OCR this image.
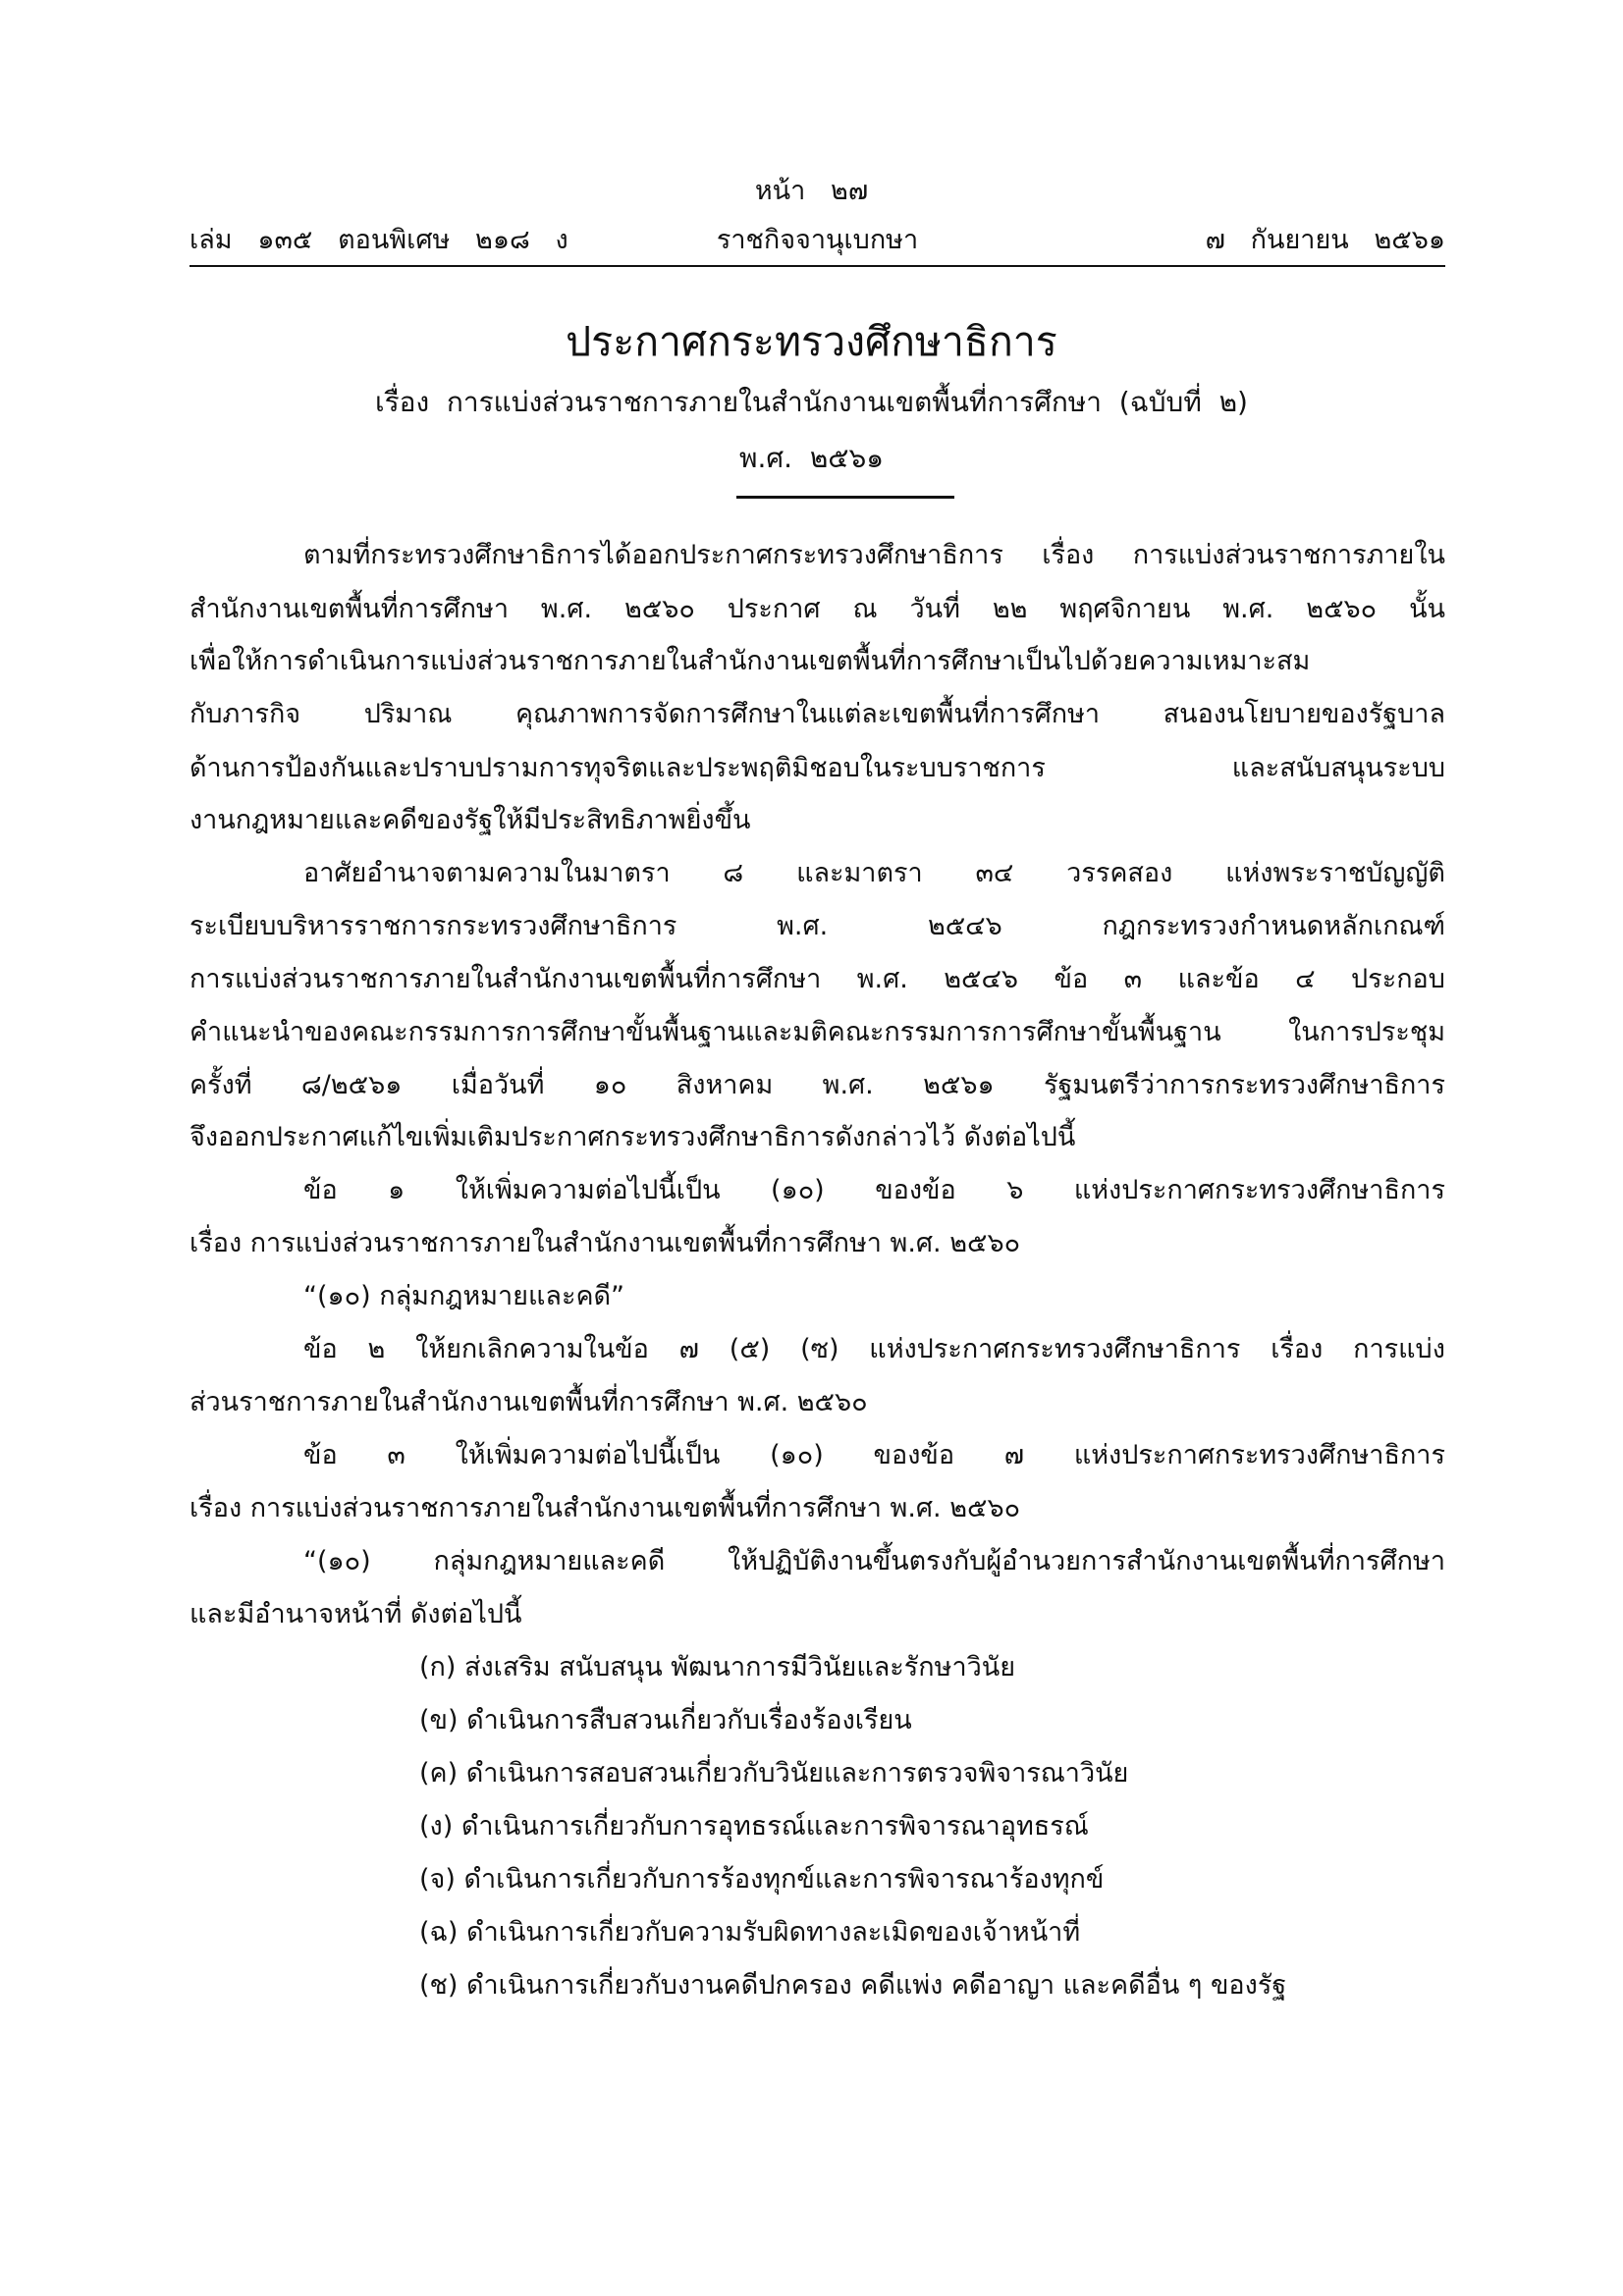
หน้า   ๒๗

เล่ม   ๑๓๕   ตอนพิเศษ   ๒๑๘   ง

	ราชกิจจานุเบกษา

	๗   กันยายน   ๒๕๖๑

ประกาศกระทรวงศึกษาธิการ
เรื่อง  การแบ่งส่วนราชการภายในสำนักงานเขตพื้นที่การศึกษา  (ฉบับที่  ๒)
พ.ศ.  ๒๕๖๑
ตามที่กระทรวงศึกษาธิการได้ออกประกาศกระทรวงศึกษาธิการ เรื่อง การแบ่งส่วนราชการภายใน
สำนักงานเขตพื้นที่การศึกษา พ.ศ. ๒๕๖๐ ประกาศ ณ วันที่ ๒๒ พฤศจิกายน พ.ศ. ๒๕๖๐ นั้น
เพื่อให้การดำเนินการแบ่งส่วนราชการภายในสำนักงานเขตพื้นที่การศึกษาเป็นไปด้วยความเหมาะสม
กับภารกิจ ปริมาณ คุณภาพการจัดการศึกษาในแต่ละเขตพื้นที่การศึกษา สนองนโยบายของรัฐบาล
ด้านการป้องกันและปราบปรามการทุจริตและประพฤติมิชอบในระบบราชการ	และสนับสนุนระบบ
งานกฎหมายและคดีของรัฐให้มีประสิทธิภาพยิ่งขึ้น
อาศัยอำนาจตามความในมาตรา ๘ และมาตรา ๓๔ วรรคสอง แห่งพระราชบัญญัติ
ระเบียบบริหารราชการกระทรวงศึกษาธิการ	พ.ศ.	๒๕๔๖	กฎกระทรวงกำหนดหลักเกณฑ์
การแบ่งส่วนราชการภายในสำนักงานเขตพื้นที่การศึกษา พ.ศ. ๒๕๔๖ ข้อ ๓ และข้อ ๔ ประกอบ
คำแนะนำของคณะกรรมการการศึกษาขั้นพื้นฐานและมติคณะกรรมการการศึกษาขั้นพื้นฐาน	ในการประชุม
ครั้งที่ ๘/๒๕๖๑ เมื่อวันที่ ๑๐ สิงหาคม พ.ศ. ๒๕๖๑ รัฐมนตรีว่าการกระทรวงศึกษาธิการ
จึงออกประกาศแก้ไขเพิ่มเติมประกาศกระทรวงศึกษาธิการดังกล่าวไว้ ดังต่อไปนี้
ข้อ ๑ ให้เพิ่มความต่อไปนี้เป็น (๑๐) ของข้อ ๖ แห่งประกาศกระทรวงศึกษาธิการ
เรื่อง การแบ่งส่วนราชการภายในสำนักงานเขตพื้นที่การศึกษา พ.ศ. ๒๕๖๐
“(๑๐) กลุ่มกฎหมายและคดี”
ข้อ ๒ ให้ยกเลิกความในข้อ ๗ (๕) (ซ) แห่งประกาศกระทรวงศึกษาธิการ เรื่อง การแบ่ง
ส่วนราชการภายในสำนักงานเขตพื้นที่การศึกษา พ.ศ. ๒๕๖๐
ข้อ ๓ ให้เพิ่มความต่อไปนี้เป็น (๑๐) ของข้อ ๗ แห่งประกาศกระทรวงศึกษาธิการ
เรื่อง การแบ่งส่วนราชการภายในสำนักงานเขตพื้นที่การศึกษา พ.ศ. ๒๕๖๐
“(๑๐) กลุ่มกฎหมายและคดี ให้ปฏิบัติงานขึ้นตรงกับผู้อำนวยการสำนักงานเขตพื้นที่การศึกษา
และมีอำนาจหน้าที่ ดังต่อไปนี้
(ก) ส่งเสริม สนับสนุน พัฒนาการมีวินัยและรักษาวินัย
(ข) ดำเนินการสืบสวนเกี่ยวกับเรื่องร้องเรียน
(ค) ดำเนินการสอบสวนเกี่ยวกับวินัยและการตรวจพิจารณาวินัย
(ง) ดำเนินการเกี่ยวกับการอุทธรณ์และการพิจารณาอุทธรณ์
(จ) ดำเนินการเกี่ยวกับการร้องทุกข์และการพิจารณาร้องทุกข์
(ฉ) ดำเนินการเกี่ยวกับความรับผิดทางละเมิดของเจ้าหน้าที่
(ช) ดำเนินการเกี่ยวกับงานคดีปกครอง คดีแพ่ง คดีอาญา และคดีอื่น ๆ ของรัฐ
